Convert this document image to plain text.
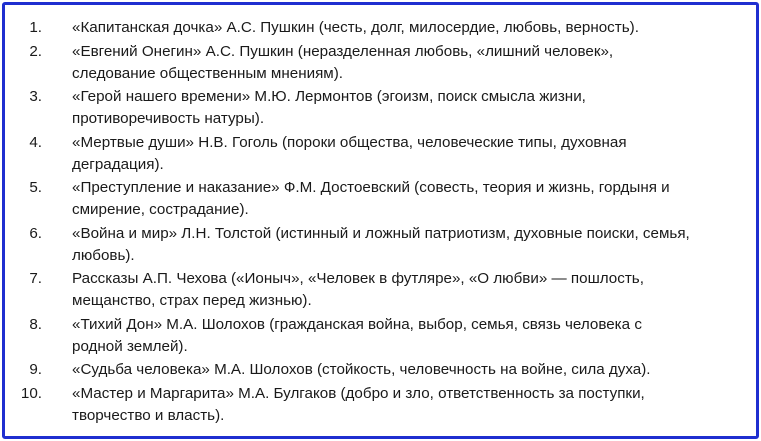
1.	«Капитанская дочка» А.С. Пушкин (честь, долг, милосердие, любовь, верность).
2.	«Евгений Онегин» А.С. Пушкин (неразделенная любовь, «лишний человек»,
следование общественным мнениям).
3.	«Герой нашего времени» М.Ю. Лермонтов (эгоизм, поиск смысла жизни,
противоречивость натуры).
4.	«Мертвые души» Н.В. Гоголь (пороки общества, человеческие типы, духовная
деградация).
5.	«Преступление и наказание» Ф.М. Достоевский (совесть, теория и жизнь, гордыня и
смирение, сострадание).
6.	«Война и мир» Л.Н. Толстой (истинный и ложный патриотизм, духовные поиски, семья,
любовь).
7.	Рассказы А.П. Чехова («Ионыч», «Человек в футляре», «О любви» — пошлость,
мещанство, страх перед жизнью).
8.	«Тихий Дон» М.А. Шолохов (гражданская война, выбор, семья, связь человека с
родной землей).
9.	«Судьба человека» М.А. Шолохов (стойкость, человечность на войне, сила духа).
10.	«Мастер и Маргарита» М.А. Булгаков (добро и зло, ответственность за поступки,
творчество и власть).
